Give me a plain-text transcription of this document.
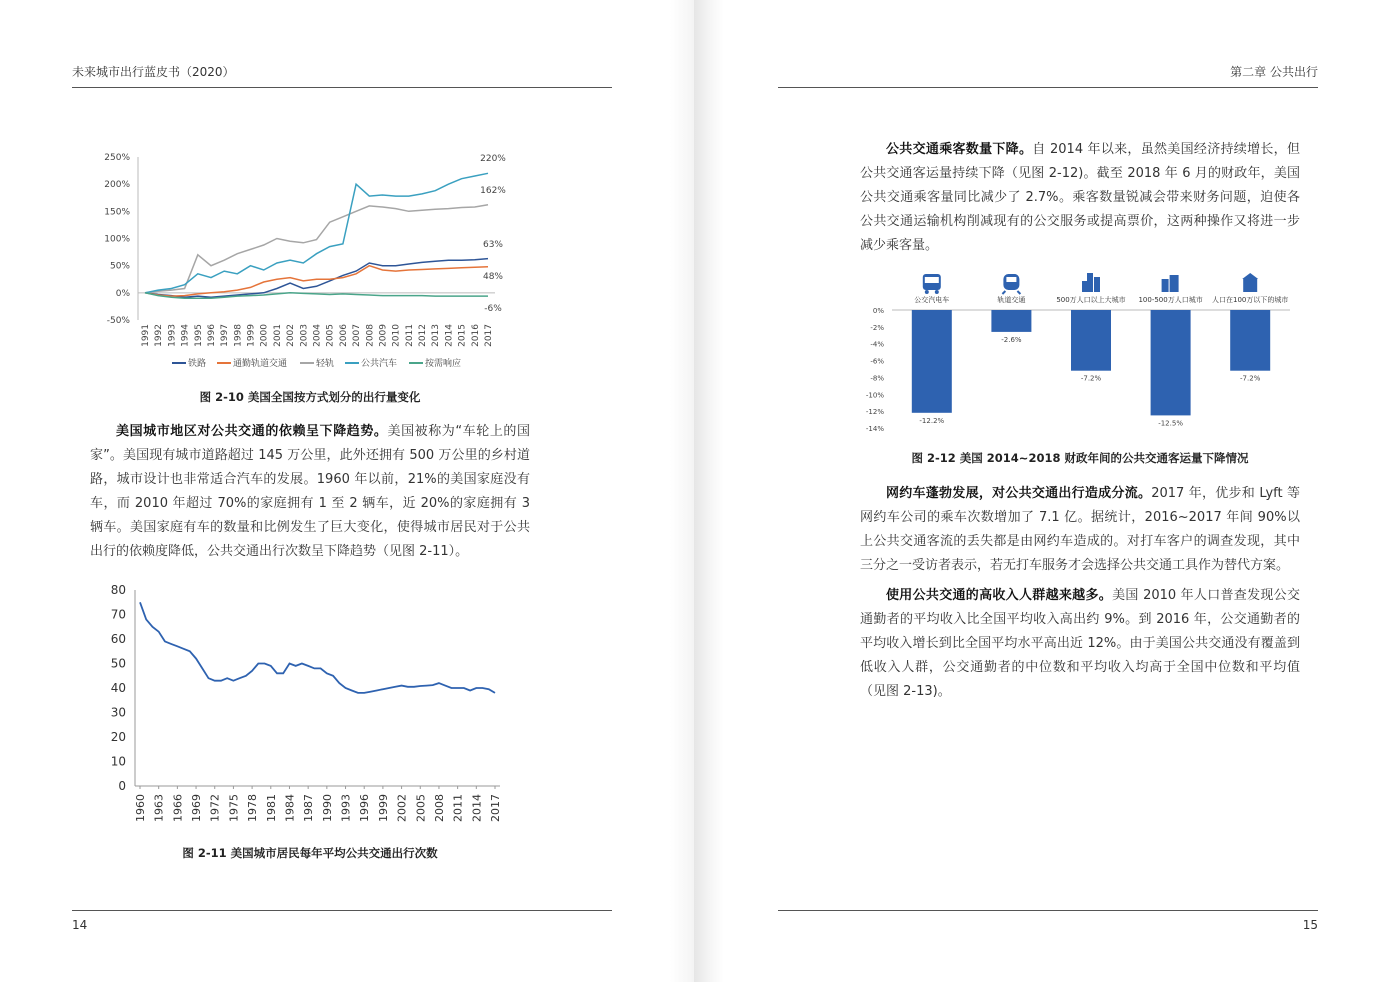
未来城市出行蓝皮书（2020）
-50%
0%
50%
100%
150%
200%
250%
1991 1992 1993 1994 1995 1996 1997 1998 1999 2000 2001 2002 2003 2004 2005 2006 2007 2008 2009 2010 2011 2012 2013 2014 2015 2016 2017
63%
48%
162%
220%
-6%
铁路	通勤轨道交通	轻轨	公共汽车	按需响应
图 2-10 美国全国按方式划分的出行量变化

美国城市地区对公共交通的依赖呈下降趋势。美国被称为“车轮上的国家”。美国现有城市道路超过 145 万公里，此外还拥有 500 万公里的乡村道路，城市设计也非常适合汽车的发展。1960 年以前，21%的美国家庭没有车，而 2010 年超过 70%的家庭拥有 1 至 2 辆车，近 20%的家庭拥有 3 辆车。美国家庭有车的数量和比例发生了巨大变化，使得城市居民对于公共出行的依赖度降低，公共交通出行次数呈下降趋势（见图 2-11）。

0
10
20
30
40
50
60
70
80
1960 1963 1966 1969 1972 1975 1978 1981 1984 1987 1990 1993 1996 1999 2002 2005 2008 2011 2014 2017
图 2-11 美国城市居民每年平均公共交通出行次数
14
第二章 公共出行

公共交通乘客数量下降。自 2014 年以来，虽然美国经济持续增长，但公共交通客运量持续下降（见图 2-12)。截至 2018 年 6 月的财政年，美国公共交通乘客量同比减少了 2.7%。乘客数量锐减会带来财务问题，迫使各公共交通运输机构削减现有的公交服务或提高票价，这两种操作又将进一步减少乘客量。

0%
-2%
-4%
-6%
-8%
-10%
-12%
-14%
公交汽电车
-12.2%
轨道交通
-2.6%
500万人口以上大城市
-7.2%
100-500万人口城市
-12.5%
人口在100万以下的城市
-7.2%
图 2-12 美国 2014~2018 财政年间的公共交通客运量下降情况

网约车蓬勃发展，对公共交通出行造成分流。2017 年，优步和 Lyft 等网约车公司的乘车次数增加了 7.1 亿。据统计，2016~2017 年间 90%以上公共交通客流的丢失都是由网约车造成的。对打车客户的调查发现，其中三分之一受访者表示，若无打车服务才会选择公共交通工具作为替代方案。

使用公共交通的高收入人群越来越多。美国 2010 年人口普查发现公交通勤者的平均收入比全国平均收入高出约 9%。到 2016 年，公交通勤者的平均收入增长到比全国平均水平高出近 12%。由于美国公共交通没有覆盖到低收入人群，公交通勤者的中位数和平均收入均高于全国中位数和平均值（见图 2-13)。

15
